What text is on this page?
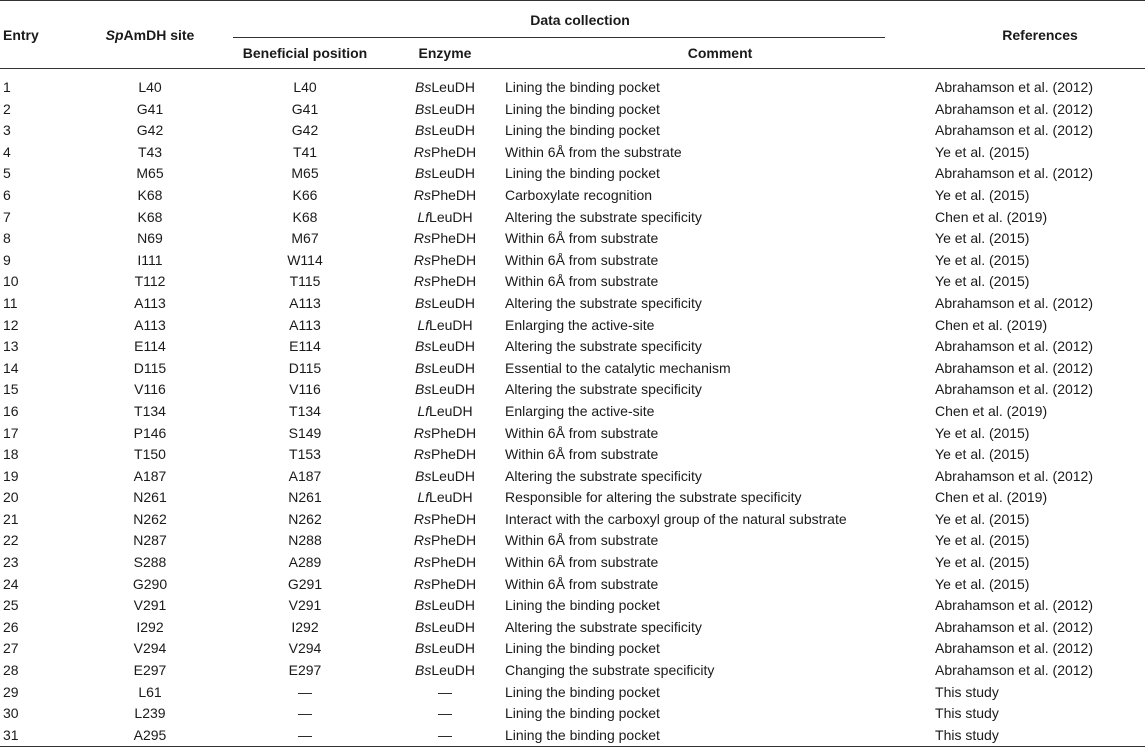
Entry	SpAmDH site	Data collection			References
		Beneficial position	Enzyme	Comment	

1	L40	L40	BsLeuDH	Lining the binding pocket	Abrahamson et al. (2012)
2	G41	G41	BsLeuDH	Lining the binding pocket	Abrahamson et al. (2012)
3	G42	G42	BsLeuDH	Lining the binding pocket	Abrahamson et al. (2012)
4	T43	T41	RsPheDH	Within 6Å from the substrate	Ye et al. (2015)
5	M65	M65	BsLeuDH	Lining the binding pocket	Abrahamson et al. (2012)
6	K68	K66	RsPheDH	Carboxylate recognition	Ye et al. (2015)
7	K68	K68	LfLeuDH	Altering the substrate specificity	Chen et al. (2019)
8	N69	M67	RsPheDH	Within 6Å from substrate	Ye et al. (2015)
9	I111	W114	RsPheDH	Within 6Å from substrate	Ye et al. (2015)
10	T112	T115	RsPheDH	Within 6Å from substrate	Ye et al. (2015)
11	A113	A113	BsLeuDH	Altering the substrate specificity	Abrahamson et al. (2012)
12	A113	A113	LfLeuDH	Enlarging the active-site	Chen et al. (2019)
13	E114	E114	BsLeuDH	Altering the substrate specificity	Abrahamson et al. (2012)
14	D115	D115	BsLeuDH	Essential to the catalytic mechanism	Abrahamson et al. (2012)
15	V116	V116	BsLeuDH	Altering the substrate specificity	Abrahamson et al. (2012)
16	T134	T134	LfLeuDH	Enlarging the active-site	Chen et al. (2019)
17	P146	S149	RsPheDH	Within 6Å from substrate	Ye et al. (2015)
18	T150	T153	RsPheDH	Within 6Å from substrate	Ye et al. (2015)
19	A187	A187	BsLeuDH	Altering the substrate specificity	Abrahamson et al. (2012)
20	N261	N261	LfLeuDH	Responsible for altering the substrate specificity	Chen et al. (2019)
21	N262	N262	RsPheDH	Interact with the carboxyl group of the natural substrate	Ye et al. (2015)
22	N287	N288	RsPheDH	Within 6Å from substrate	Ye et al. (2015)
23	S288	A289	RsPheDH	Within 6Å from substrate	Ye et al. (2015)
24	G290	G291	RsPheDH	Within 6Å from substrate	Ye et al. (2015)
25	V291	V291	BsLeuDH	Lining the binding pocket	Abrahamson et al. (2012)
26	I292	I292	BsLeuDH	Altering the substrate specificity	Abrahamson et al. (2012)
27	V294	V294	BsLeuDH	Lining the binding pocket	Abrahamson et al. (2012)
28	E297	E297	BsLeuDH	Changing the substrate specificity	Abrahamson et al. (2012)
29	L61	—	—	Lining the binding pocket	This study
30	L239	—	—	Lining the binding pocket	This study
31	A295	—	—	Lining the binding pocket	This study
